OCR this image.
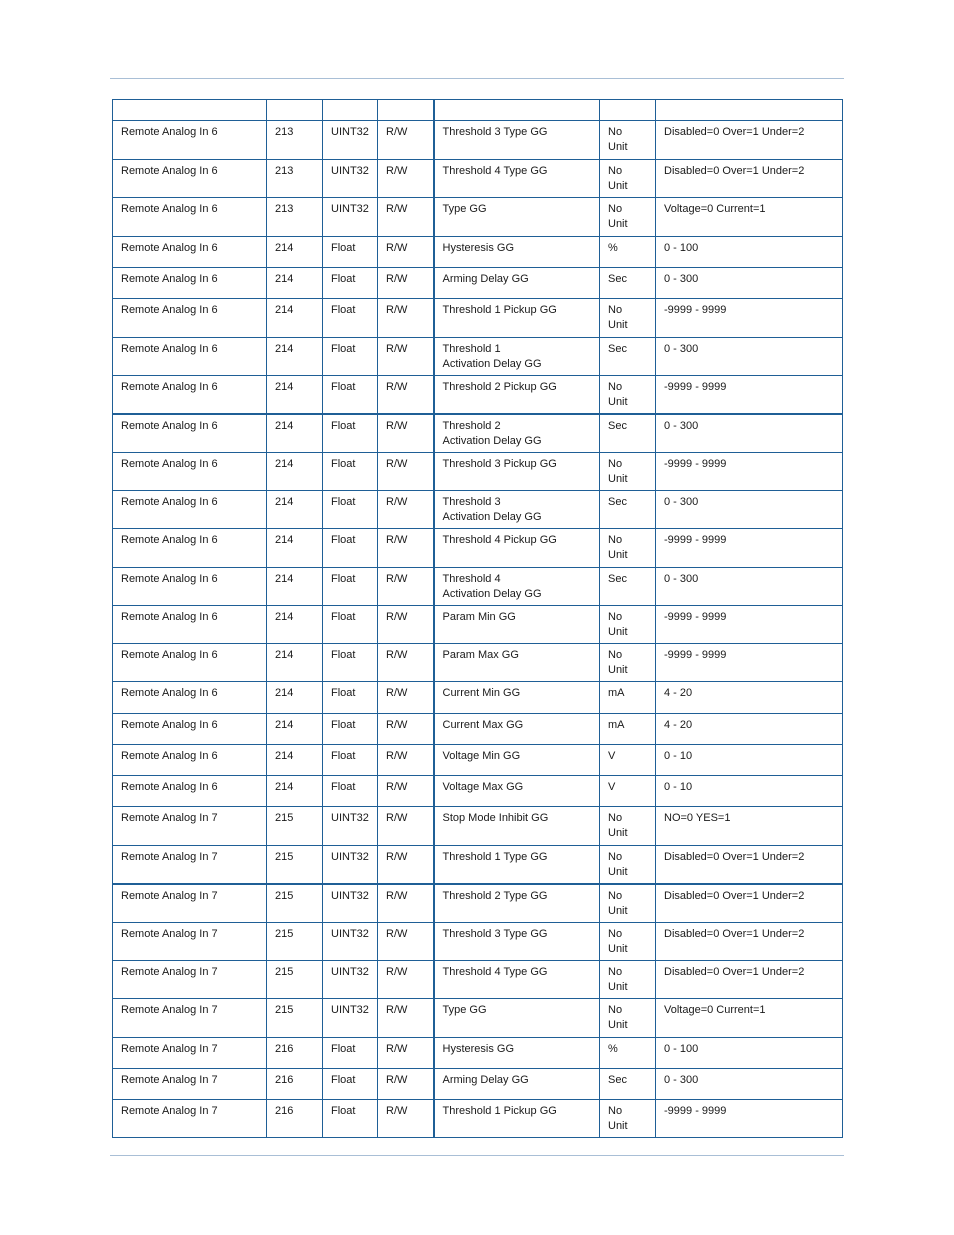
Remote Analog In 6	213	UINT32	R/W	Threshold 3 Type GG	No
Unit	Disabled=0 Over=1 Under=2

Remote Analog In 6	213	UINT32	R/W	Threshold 4 Type GG	No
Unit	Disabled=0 Over=1 Under=2

Remote Analog In 6	213	UINT32	R/W	Type GG	No
Unit	Voltage=0 Current=1

Remote Analog In 6	214	Float	R/W	Hysteresis GG	%	0 - 100

Remote Analog In 6	214	Float	R/W	Arming Delay GG	Sec	0 - 300

Remote Analog In 6	214	Float	R/W	Threshold 1 Pickup GG	No
Unit	-9999 - 9999

Remote Analog In 6	214	Float	R/W	Threshold 1
Activation Delay GG	Sec	0 - 300

Remote Analog In 6	214	Float	R/W	Threshold 2 Pickup GG	No
Unit	-9999 - 9999

Remote Analog In 6	214	Float	R/W	Threshold 2
Activation Delay GG	Sec	0 - 300

Remote Analog In 6	214	Float	R/W	Threshold 3 Pickup GG	No
Unit	-9999 - 9999

Remote Analog In 6	214	Float	R/W	Threshold 3
Activation Delay GG	Sec	0 - 300

Remote Analog In 6	214	Float	R/W	Threshold 4 Pickup GG	No
Unit	-9999 - 9999

Remote Analog In 6	214	Float	R/W	Threshold 4
Activation Delay GG	Sec	0 - 300

Remote Analog In 6	214	Float	R/W	Param Min GG	No
Unit	-9999 - 9999

Remote Analog In 6	214	Float	R/W	Param Max GG	No
Unit	-9999 - 9999

Remote Analog In 6	214	Float	R/W	Current Min GG	mA	4 - 20

Remote Analog In 6	214	Float	R/W	Current Max GG	mA	4 - 20

Remote Analog In 6	214	Float	R/W	Voltage Min GG	V	0 - 10

Remote Analog In 6	214	Float	R/W	Voltage Max GG	V	0 - 10

Remote Analog In 7	215	UINT32	R/W	Stop Mode Inhibit GG	No
Unit	NO=0 YES=1

Remote Analog In 7	215	UINT32	R/W	Threshold 1 Type GG	No
Unit	Disabled=0 Over=1 Under=2

Remote Analog In 7	215	UINT32	R/W	Threshold 2 Type GG	No
Unit	Disabled=0 Over=1 Under=2

Remote Analog In 7	215	UINT32	R/W	Threshold 3 Type GG	No
Unit	Disabled=0 Over=1 Under=2

Remote Analog In 7	215	UINT32	R/W	Threshold 4 Type GG	No
Unit	Disabled=0 Over=1 Under=2

Remote Analog In 7	215	UINT32	R/W	Type GG	No
Unit	Voltage=0 Current=1

Remote Analog In 7	216	Float	R/W	Hysteresis GG	%	0 - 100

Remote Analog In 7	216	Float	R/W	Arming Delay GG	Sec	0 - 300

Remote Analog In 7	216	Float	R/W	Threshold 1 Pickup GG	No
Unit	-9999 - 9999
